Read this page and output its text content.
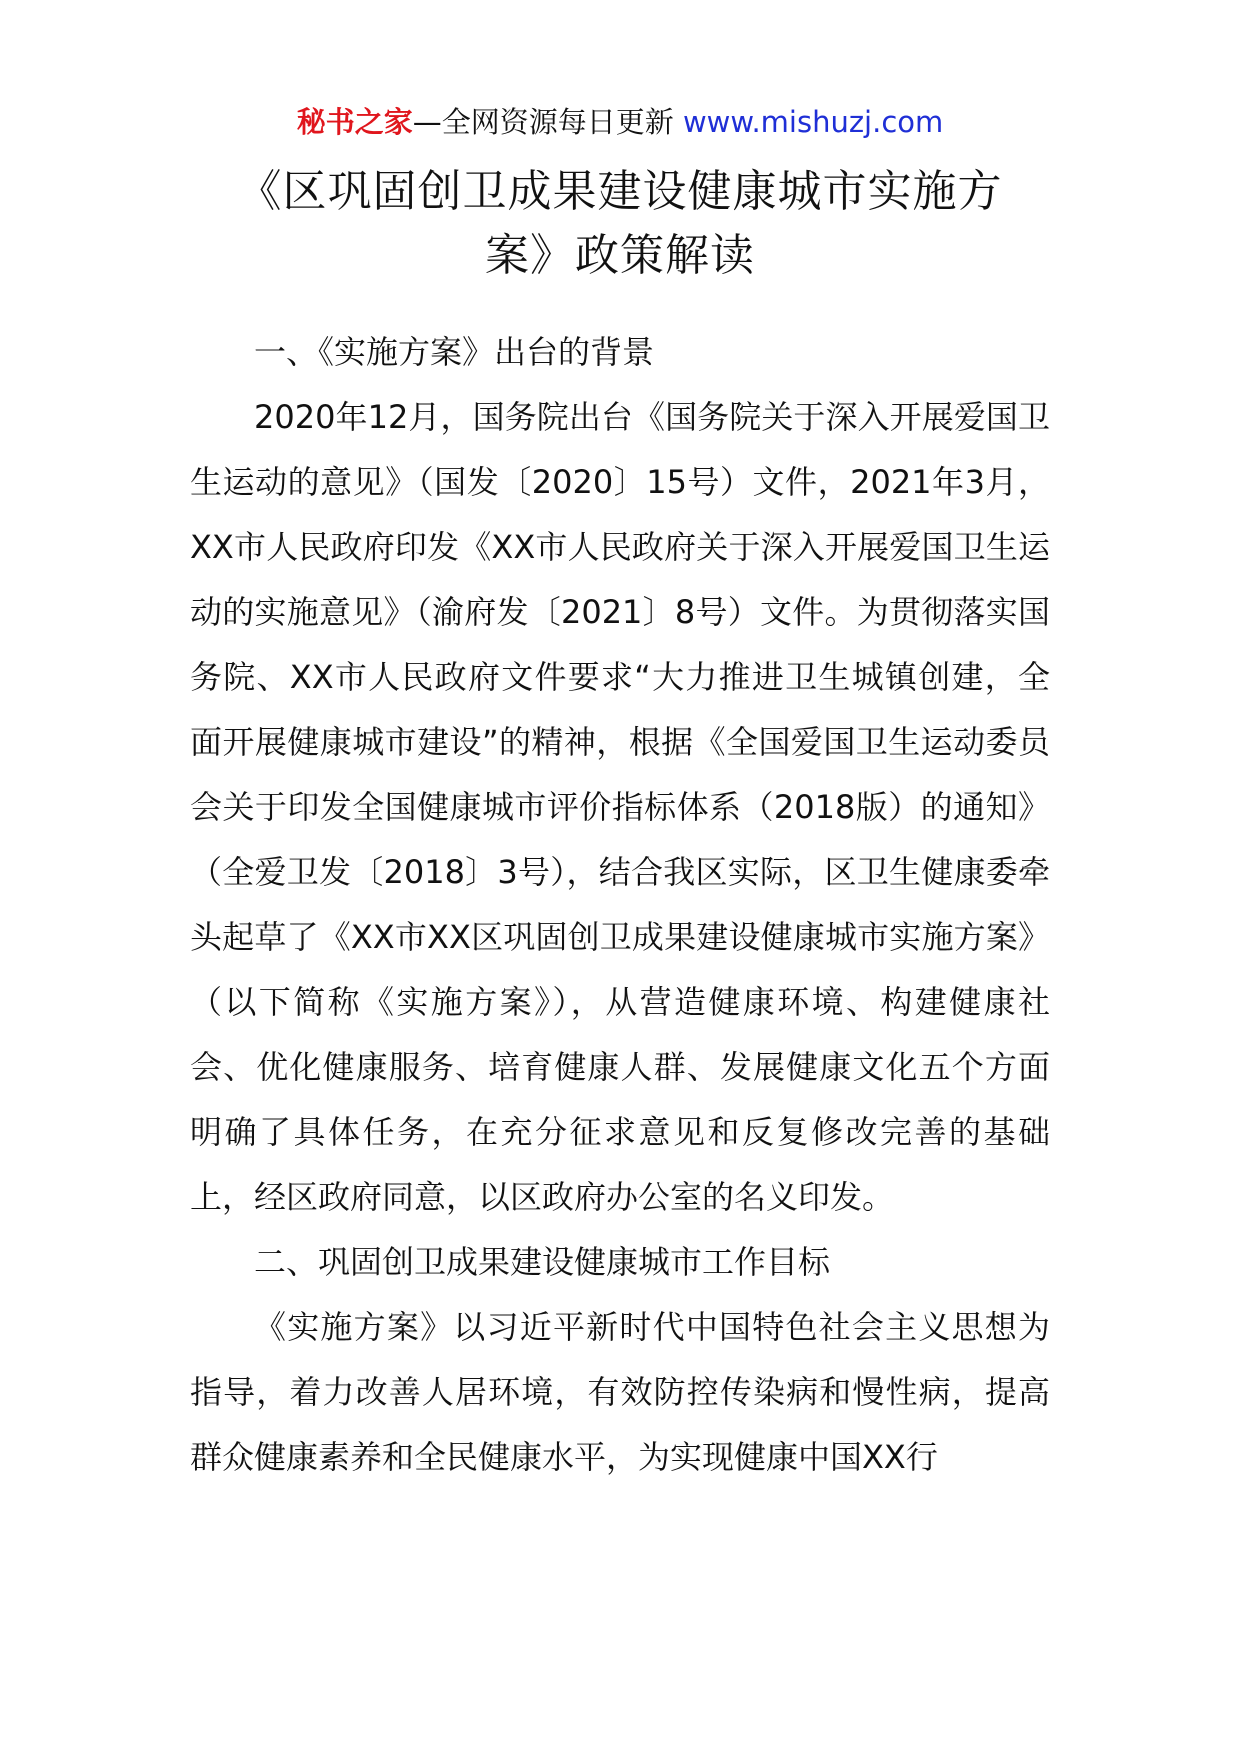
秘书之家—全网资源每日更新 www.mishuzj.com
《区巩固创卫成果建设健康城市实施方
案》政策解读

一、《实施方案》出台的背景

2020年12月，国务院出台《国务院关于深入开展爱国卫生运动的意见》（国发〔2020〕15号）文件，2021年3月，XX市人民政府印发《XX市人民政府关于深入开展爱国卫生运动的实施意见》（渝府发〔2021〕8号）文件。为贯彻落实国务院、XX市人民政府文件要求“大力推进卫生城镇创建，全面开展健康城市建设”的精神，根据《全国爱国卫生运动委员会关于印发全国健康城市评价指标体系（2018版）的通知》（全爱卫发〔2018〕3号），结合我区实际，区卫生健康委牵头起草了《XX市XX区巩固创卫成果建设健康城市实施方案》（以下简称《实施方案》），从营造健康环境、构建健康社会、优化健康服务、培育健康人群、发展健康文化五个方面明确了具体任务，在充分征求意见和反复修改完善的基础上，经区政府同意，以区政府办公室的名义印发。

二、巩固创卫成果建设健康城市工作目标

《实施方案》以习近平新时代中国特色社会主义思想为指导，着力改善人居环境，有效防控传染病和慢性病，提高群众健康素养和全民健康水平，为实现健康中国XX行
